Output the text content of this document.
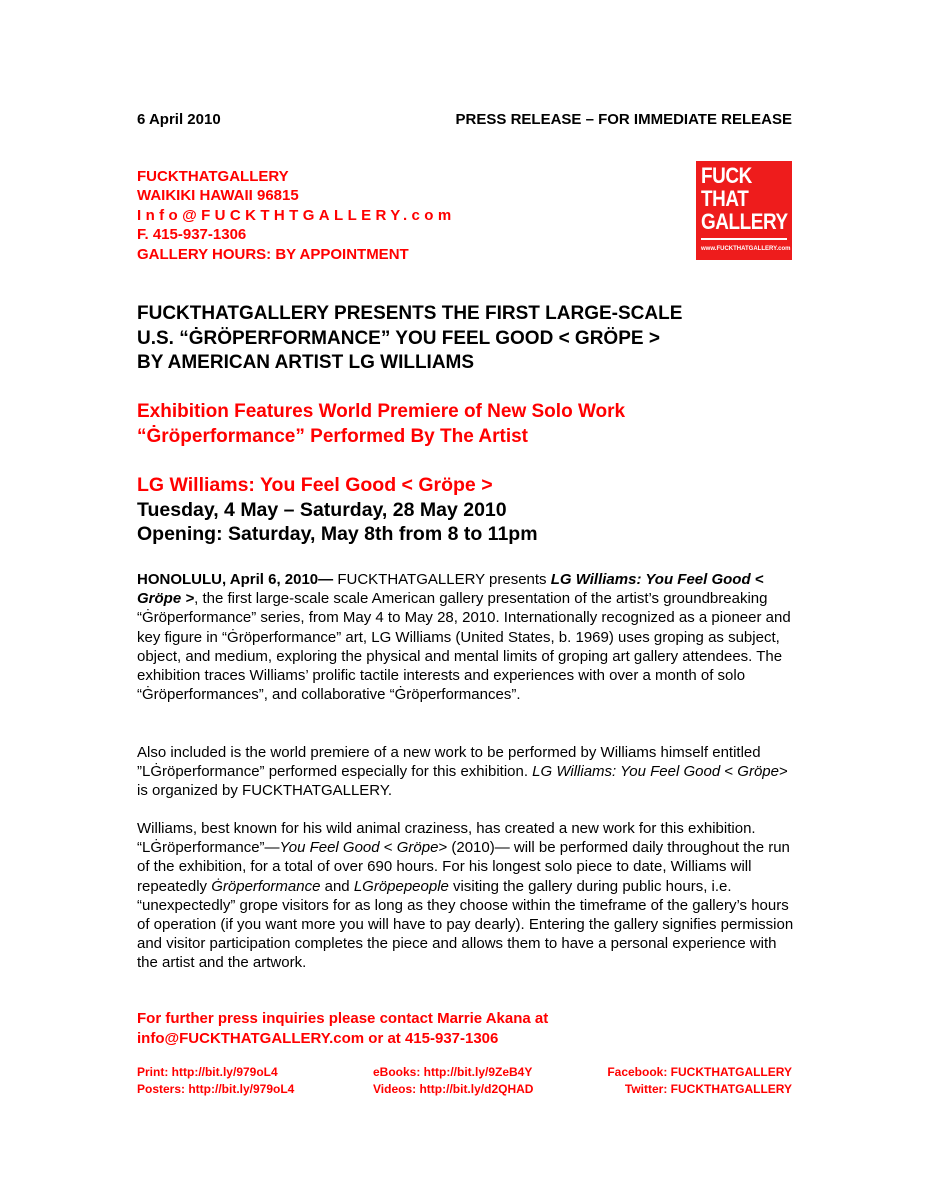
6 April 2010	PRESS RELEASE – FOR IMMEDIATE RELEASE
FUCKTHATGALLERY
WAIKIKI HAWAII 96815
Info@FUCKTHTGALLERY.com
F. 415-937-1306
GALLERY HOURS: BY APPOINTMENT
FUCK
THAT
GALLERY
www.FUCKTHATGALLERY.com
FUCKTHATGALLERY PRESENTS THE FIRST LARGE-SCALE
U.S. “ĠRÖPERFORMANCE” YOU FEEL GOOD < GRÖPE >
BY AMERICAN ARTIST LG WILLIAMS
Exhibition Features World Premiere of New Solo Work
“Ġröperformance” Performed By The Artist
LG Williams: You Feel Good < Gröpe >
Tuesday, 4 May – Saturday, 28 May 2010
Opening: Saturday, May 8th from 8 to 11pm

HONOLULU, April 6, 2010— FUCKTHATGALLERY presents LG Williams: You Feel Good < Gröpe >, the first large-scale scale American gallery presentation of the artist’s groundbreaking “Ġröperformance” series, from May 4 to May 28, 2010. Internationally recognized as a pioneer and key figure in “Ġröperformance” art, LG Williams (United States, b. 1969) uses groping as subject, object, and medium, exploring the physical and mental limits of groping art gallery attendees. The exhibition traces Williams’ prolific tactile interests and experiences with over a month of solo “Ġröperformances”, and collaborative “Ġröperformances”.

Also included is the world premiere of a new work to be performed by Williams himself entitled ”LĠröperformance” performed especially for this exhibition. LG Williams: You Feel Good < Gröpe> is organized by FUCKTHATGALLERY.

Williams, best known for his wild animal craziness, has created a new work for this exhibition. “LĠröperformance”—You Feel Good < Gröpe> (2010)— will be performed daily throughout the run of the exhibition, for a total of over 690 hours. For his longest solo piece to date, Williams will repeatedly Ġröperformance and LGröpepeople visiting the gallery during public hours, i.e. “unexpectedly” grope visitors for as long as they choose within the timeframe of the gallery’s hours of operation (if you want more you will have to pay dearly). Entering the gallery signifies permission and visitor participation completes the piece and allows them to have a personal experience with the artist and the artwork.

For further press inquiries please contact Marrie Akana at
info@FUCKTHATGALLERY.com or at 415-937-1306
Print: http://bit.ly/979oL4
Posters: http://bit.ly/979oL4
eBooks: http://bit.ly/9ZeB4Y
Videos: http://bit.ly/d2QHAD
Facebook: FUCKTHATGALLERY
Twitter: FUCKTHATGALLERY
